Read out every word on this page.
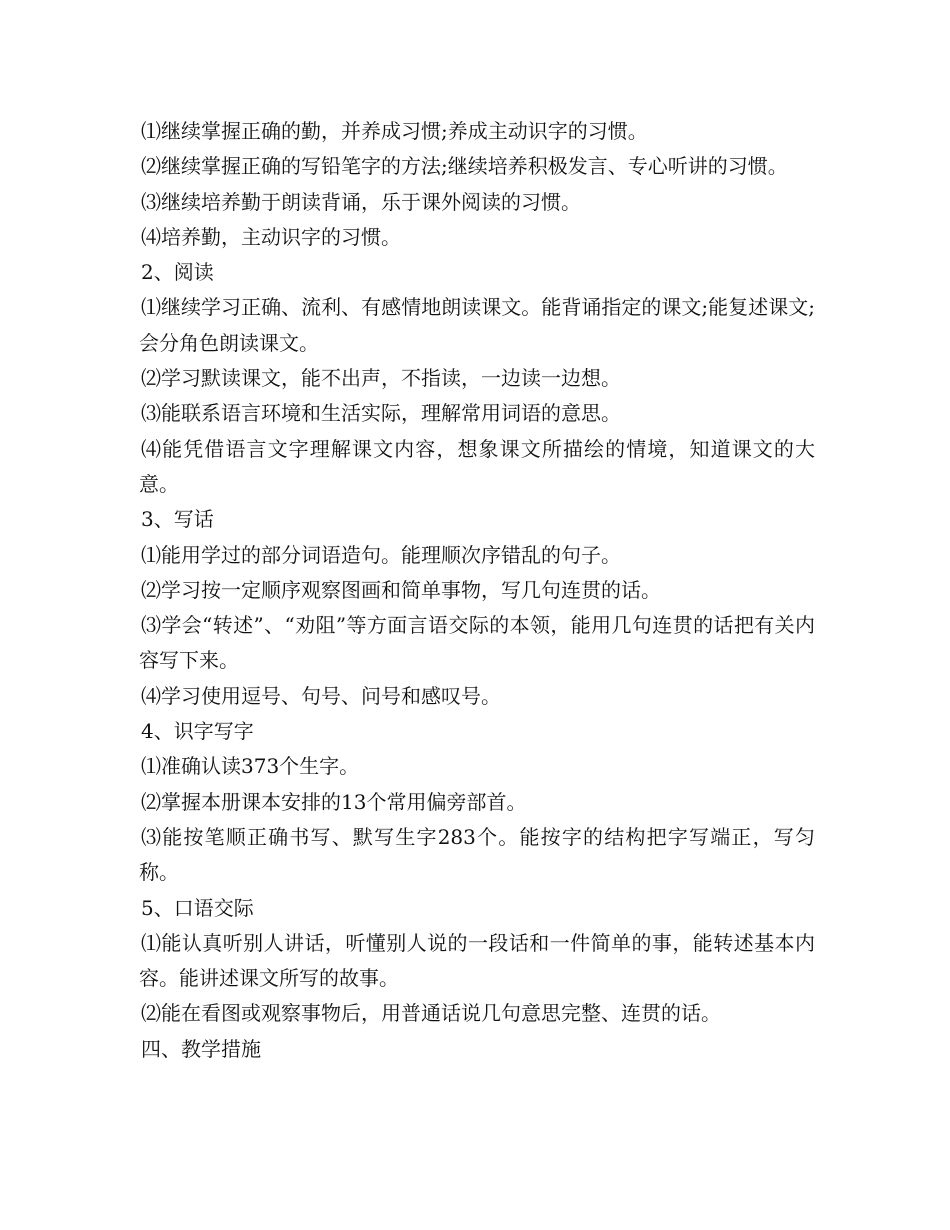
⑴继续掌握正确的勤，并养成习惯;养成主动识字的习惯。

⑵继续掌握正确的写铅笔字的方法;继续培养积极发言、专心听讲的习惯。

⑶继续培养勤于朗读背诵，乐于课外阅读的习惯。

⑷培养勤，主动识字的习惯。

2、阅读

⑴继续学习正确、流利、有感情地朗读课文。能背诵指定的课文;能复述课文;会分角色朗读课文。

⑵学习默读课文，能不出声，不指读，一边读一边想。

⑶能联系语言环境和生活实际，理解常用词语的意思。

⑷能凭借语言文字理解课文内容，想象课文所描绘的情境，知道课文的大意。

3、写话

⑴能用学过的部分词语造句。能理顺次序错乱的句子。

⑵学习按一定顺序观察图画和简单事物，写几句连贯的话。

⑶学会“转述”、“劝阻”等方面言语交际的本领，能用几句连贯的话把有关内容写下来。

⑷学习使用逗号、句号、问号和感叹号。

4、识字写字

⑴准确认读373个生字。

⑵掌握本册课本安排的13个常用偏旁部首。

⑶能按笔顺正确书写、默写生字283个。能按字的结构把字写端正，写匀称。

5、口语交际

⑴能认真听别人讲话，听懂别人说的一段话和一件简单的事，能转述基本内容。能讲述课文所写的故事。

⑵能在看图或观察事物后，用普通话说几句意思完整、连贯的话。

四、教学措施
